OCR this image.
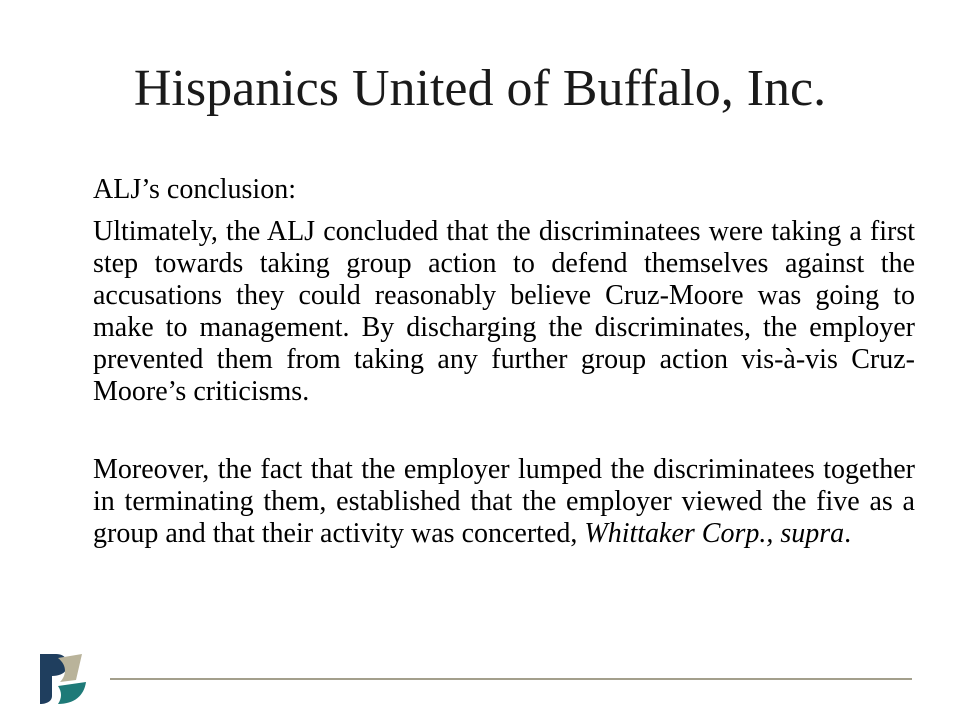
Hispanics United of Buffalo, Inc.

ALJ’s conclusion:

Ultimately, the ALJ concluded that the discriminatees were taking a first step towards taking group action to defend themselves against the accusations they could reasonably believe Cruz-Moore was going to make to management. By discharging the discriminates, the employer prevented them from taking any further group action vis-à-vis Cruz-Moore’s criticisms.

Moreover, the fact that the employer lumped the discriminatees together in terminating them, established that the employer viewed the five as a group and that their activity was concerted, Whittaker Corp., supra.
